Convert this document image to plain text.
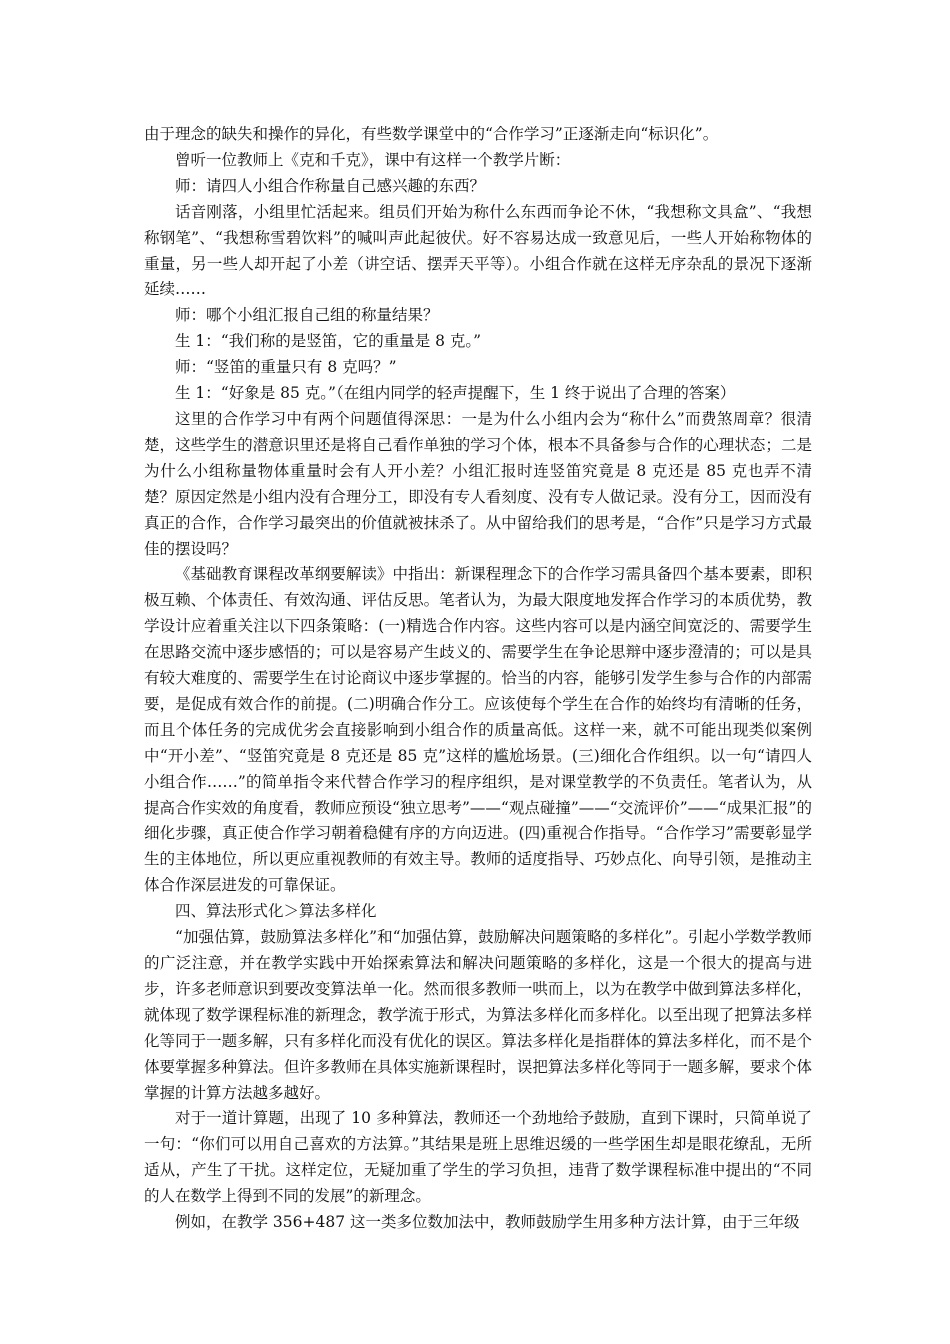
由于理念的缺失和操作的异化，有些数学课堂中的“合作学习”正逐渐走向“标识化”。

曾听一位教师上《克和千克》，课中有这样一个教学片断：

师：请四人小组合作称量自己感兴趣的东西？

话音刚落，小组里忙活起来。组员们开始为称什么东西而争论不休，“我想称文具盒”、“我想称钢笔”、“我想称雪碧饮料”的喊叫声此起彼伏。好不容易达成一致意见后，一些人开始称物体的重量，另一些人却开起了小差（讲空话、摆弄天平等）。小组合作就在这样无序杂乱的景况下逐渐延续……

师：哪个小组汇报自己组的称量结果？

生 1：“我们称的是竖笛，它的重量是 8 克。”

师：“竖笛的重量只有 8 克吗？”

生 1：“好象是 85 克。”（在组内同学的轻声提醒下，生 1 终于说出了合理的答案）

这里的合作学习中有两个问题值得深思：一是为什么小组内会为“称什么”而费煞周章？很清楚，这些学生的潜意识里还是将自己看作单独的学习个体，根本不具备参与合作的心理状态；二是为什么小组称量物体重量时会有人开小差？小组汇报时连竖笛究竟是 8 克还是 85 克也弄不清楚？原因定然是小组内没有合理分工，即没有专人看刻度、没有专人做记录。没有分工，因而没有真正的合作，合作学习最突出的价值就被抹杀了。从中留给我们的思考是，“合作”只是学习方式最佳的摆设吗？

《基础教育课程改革纲要解读》中指出：新课程理念下的合作学习需具备四个基本要素，即积极互赖、个体责任、有效沟通、评估反思。笔者认为，为最大限度地发挥合作学习的本质优势，教学设计应着重关注以下四条策略：(一)精选合作内容。这些内容可以是内涵空间宽泛的、需要学生在思路交流中逐步感悟的；可以是容易产生歧义的、需要学生在争论思辩中逐步澄清的；可以是具有较大难度的、需要学生在讨论商议中逐步掌握的。恰当的内容，能够引发学生参与合作的内部需要，是促成有效合作的前提。(二)明确合作分工。应该使每个学生在合作的始终均有清晰的任务，而且个体任务的完成优劣会直接影响到小组合作的质量高低。这样一来，就不可能出现类似案例中“开小差”、“竖笛究竟是 8 克还是 85 克”这样的尴尬场景。(三)细化合作组织。以一句“请四人小组合作……”的简单指令来代替合作学习的程序组织，是对课堂教学的不负责任。笔者认为，从提高合作实效的角度看，教师应预设“独立思考”——“观点碰撞”——“交流评价”——“成果汇报”的细化步骤，真正使合作学习朝着稳健有序的方向迈进。(四)重视合作指导。“合作学习”需要彰显学生的主体地位，所以更应重视教师的有效主导。教师的适度指导、巧妙点化、向导引领，是推动主体合作深层进发的可靠保证。

四、算法形式化＞算法多样化

“加强估算，鼓励算法多样化”和“加强估算，鼓励解决问题策略的多样化”。引起小学数学教师的广泛注意，并在教学实践中开始探索算法和解决问题策略的多样化，这是一个很大的提高与进步，许多老师意识到要改变算法单一化。然而很多教师一哄而上，以为在教学中做到算法多样化，就体现了数学课程标准的新理念，教学流于形式，为算法多样化而多样化。以至出现了把算法多样化等同于一题多解，只有多样化而没有优化的误区。算法多样化是指群体的算法多样化，而不是个体要掌握多种算法。但许多教师在具体实施新课程时，误把算法多样化等同于一题多解，要求个体掌握的计算方法越多越好。

对于一道计算题，出现了 10 多种算法，教师还一个劲地给予鼓励，直到下课时，只简单说了一句：“你们可以用自己喜欢的方法算。”其结果是班上思维迟缓的一些学困生却是眼花缭乱，无所适从，产生了干扰。这样定位，无疑加重了学生的学习负担，违背了数学课程标准中提出的“不同的人在数学上得到不同的发展”的新理念。

例如，在教学 356+487 这一类多位数加法中，教师鼓励学生用多种方法计算，由于三年级
